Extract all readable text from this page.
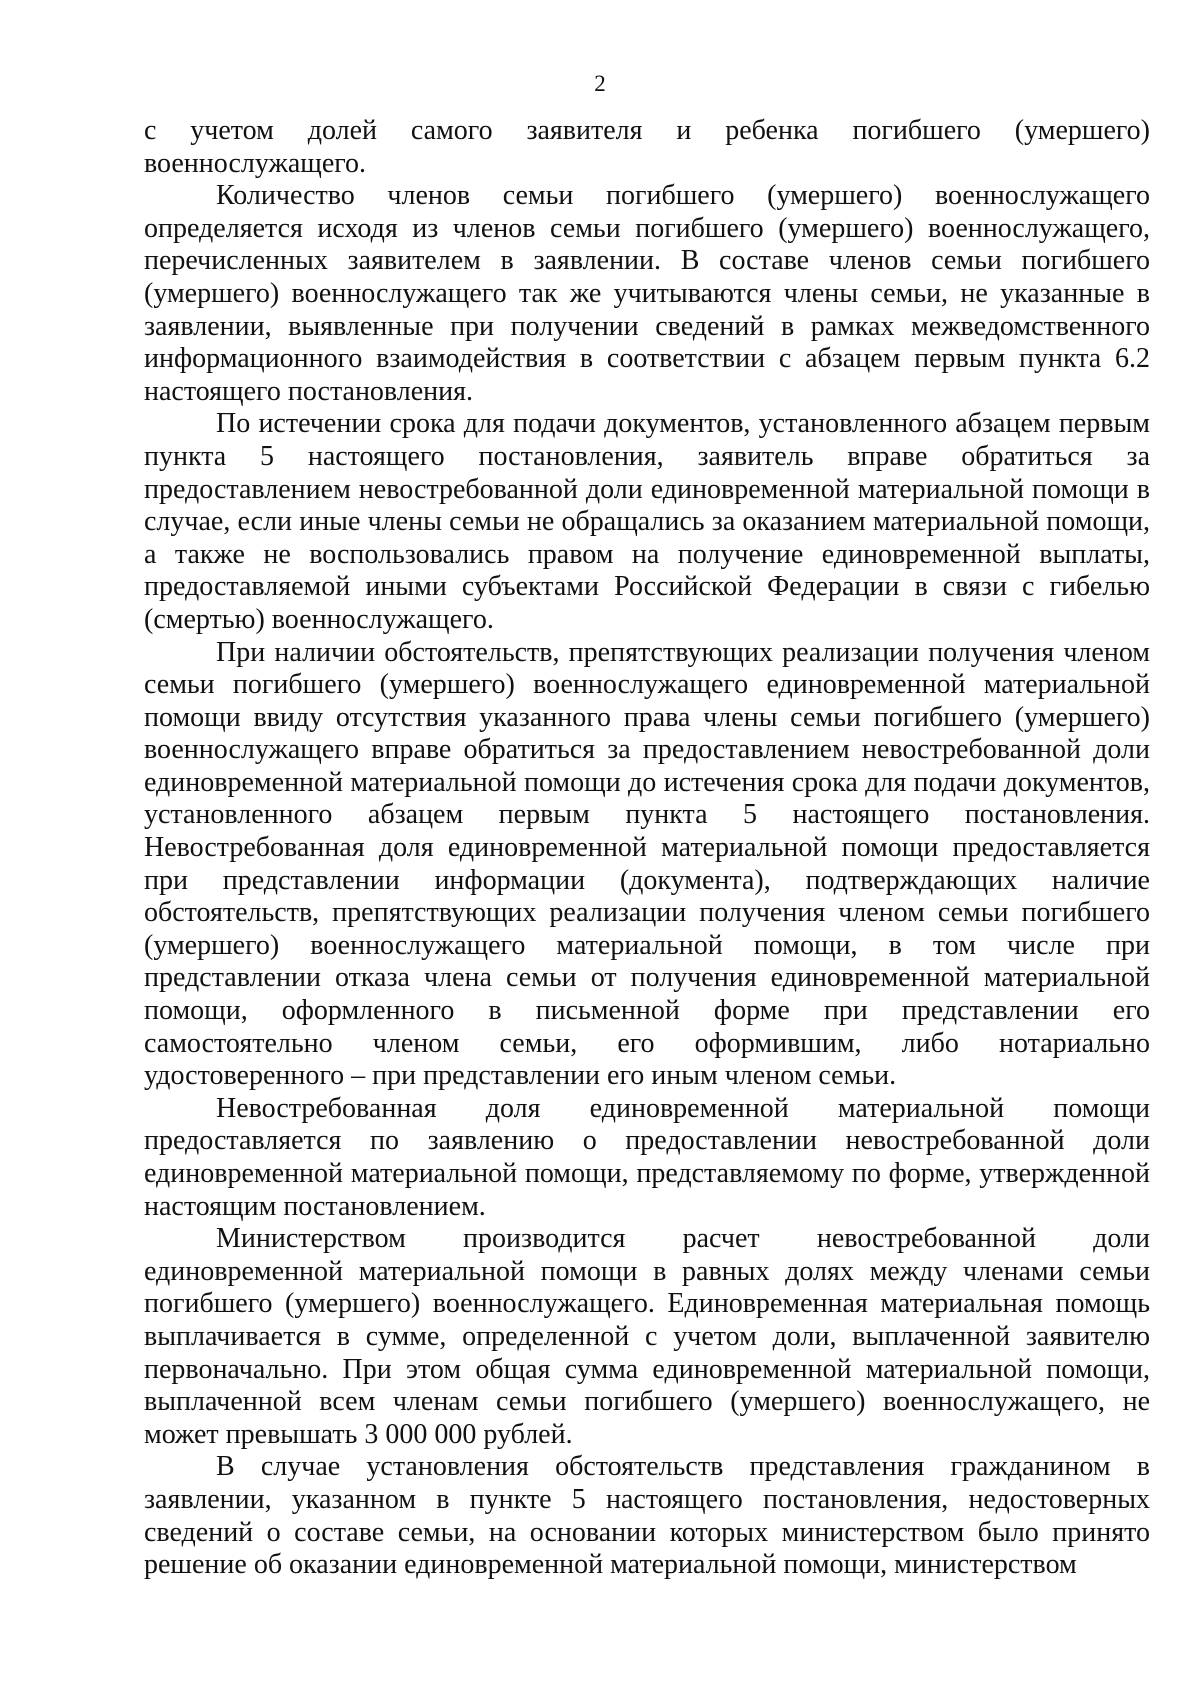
2

с учетом долей самого заявителя и ребенка погибшего (умершего) военнослужащего.

Количество членов семьи погибшего (умершего) военнослужащего определяется исходя из членов семьи погибшего (умершего) военнослужащего, перечисленных заявителем в заявлении. В составе членов семьи погибшего (умершего) военнослужащего так же учитываются члены семьи, не указанные в заявлении, выявленные при получении сведений в рамках межведомственного информационного взаимодействия в соответствии с абзацем первым пункта 6.2 настоящего постановления.

По истечении срока для подачи документов, установленного абзацем первым пункта 5 настоящего постановления, заявитель вправе обратиться за предоставлением невостребованной доли единовременной материальной помощи в случае, если иные члены семьи не обращались за оказанием материальной помощи, а также не воспользовались правом на получение единовременной выплаты, предоставляемой иными субъектами Российской Федерации в связи с гибелью (смертью) военнослужащего.

При наличии обстоятельств, препятствующих реализации получения членом семьи погибшего (умершего) военнослужащего единовременной материальной помощи ввиду отсутствия указанного права члены семьи погибшего (умершего) военнослужащего вправе обратиться за предоставлением невостребованной доли единовременной материальной помощи до истечения срока для подачи документов, установленного абзацем первым пункта 5 настоящего постановления. Невостребованная доля единовременной материальной помощи предоставляется при представлении информации (документа), подтверждающих наличие обстоятельств, препятствующих реализации получения членом семьи погибшего (умершего) военнослужащего материальной помощи, в том числе при представлении отказа члена семьи от получения единовременной материальной помощи, оформленного в письменной форме при представлении его самостоятельно членом семьи, его оформившим, либо нотариально удостоверенного – при представлении его иным членом семьи.

Невостребованная доля единовременной материальной помощи предоставляется по заявлению о предоставлении невостребованной доли единовременной материальной помощи, представляемому по форме, утвержденной настоящим постановлением.

Министерством производится расчет невостребованной доли единовременной материальной помощи в равных долях между членами семьи погибшего (умершего) военнослужащего. Единовременная материальная помощь выплачивается в сумме, определенной с учетом доли, выплаченной заявителю первоначально. При этом общая сумма единовременной материальной помощи, выплаченной всем членам семьи погибшего (умершего) военнослужащего, не может превышать 3 000 000 рублей.

В случае установления обстоятельств представления гражданином в заявлении, указанном в пункте 5 настоящего постановления, недостоверных сведений о составе семьи, на основании которых министерством было принято решение об оказании единовременной материальной помощи, министерством
